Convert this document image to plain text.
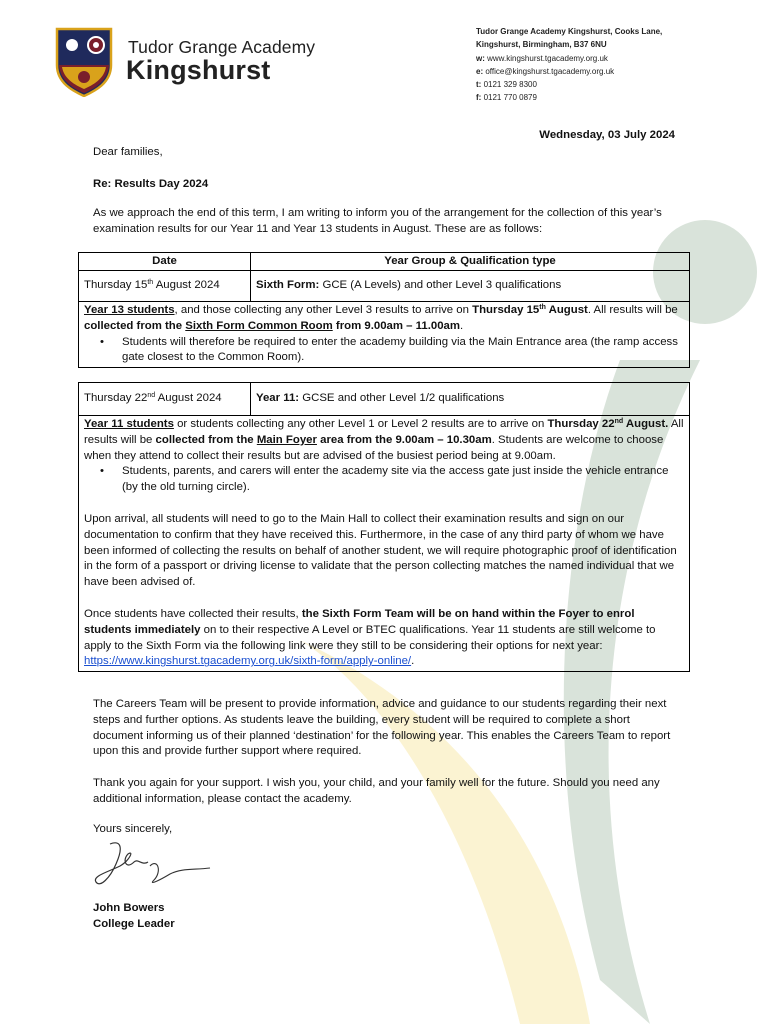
Tudor Grange Academy
Kingshurst
Tudor Grange Academy Kingshurst, Cooks Lane,
Kingshurst, Birmingham, B37 6NU
w: www.kingshurst.tgacademy.org.uk
e: office@kingshurst.tgacademy.org.uk
t: 0121 329 8300
f: 0121 770 0879
Wednesday, 03 July 2024
Dear families,
Re: Results Day 2024
As we approach the end of this term, I am writing to inform you of the arrangement for the collection of this year’s examination results for our Year 11 and Year 13 students in August. These are as follows:
Date	Year Group & Qualification type
Thursday 15th August 2024	Sixth Form: GCE (A Levels) and other Level 3 qualifications

Year 13 students, and those collecting any other Level 3 results to arrive on Thursday 15th August. All results will be collected from the Sixth Form Common Room from 9.00am – 11.00am.

•	Students will therefore be required to enter the academy building via the Main Entrance area (the ramp access gate closest to the Common Room).
Thursday 22nd August 2024	Year 11: GCSE and other Level 1/2 qualifications

Year 11 students or students collecting any other Level 1 or Level 2 results are to arrive on Thursday 22nd August. All results will be collected from the Main Foyer area from the 9.00am – 10.30am. Students are welcome to choose when they attend to collect their results but are advised of the busiest period being at 9.00am.

•	Students, parents, and carers will enter the academy site via the access gate just inside the vehicle entrance (by the old turning circle).

Upon arrival, all students will need to go to the Main Hall to collect their examination results and sign on our documentation to confirm that they have received this. Furthermore, in the case of any third party of whom we have been informed of collecting the results on behalf of another student, we will require photographic proof of identification in the form of a passport or driving license to validate that the person collecting matches the named individual that we have been advised of.

Once students have collected their results, the Sixth Form Team will be on hand within the Foyer to enrol students immediately on to their respective A Level or BTEC qualifications. Year 11 students are still welcome to apply to the Sixth Form via the following link were they still to be considering their options for next year: https://www.kingshurst.tgacademy.org.uk/sixth-form/apply-online/.

The Careers Team will be present to provide information, advice and guidance to our students regarding their next steps and further options. As students leave the building, every student will be required to complete a short document informing us of their planned ‘destination’ for the following year. This enables the Careers Team to report upon this and provide further support where required.

Thank you again for your support. I wish you, your child, and your family well for the future. Should you need any additional information, please contact the academy.

Yours sincerely,
John Bowers
College Leader
